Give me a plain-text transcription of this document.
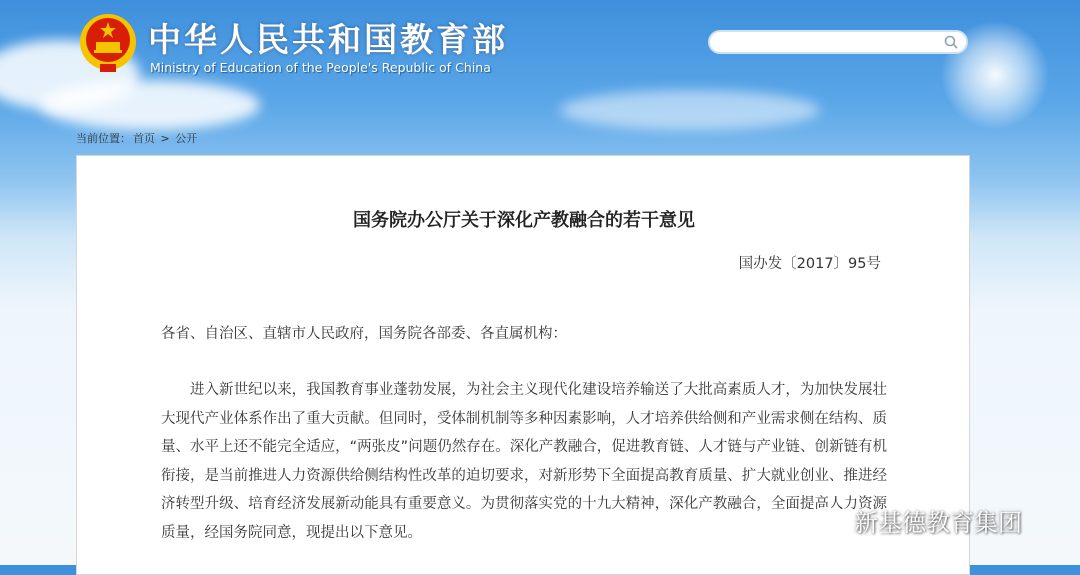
中华人民共和国教育部
Ministry of Education of the People's Republic of China
当前位置： 首页 > 公开
国务院办公厅关于深化产教融合的若干意见
国办发〔2017〕95号
各省、自治区、直辖市人民政府，国务院各部委、各直属机构：
进入新世纪以来，我国教育事业蓬勃发展，为社会主义现代化建设培养输送了大批高素质人才，为加快发展壮大现代产业体系作出了重大贡献。但同时，受体制机制等多种因素影响，人才培养供给侧和产业需求侧在结构、质量、水平上还不能完全适应，“两张皮”问题仍然存在。深化产教融合，促进教育链、人才链与产业链、创新链有机衔接，是当前推进人力资源供给侧结构性改革的迫切要求，对新形势下全面提高教育质量、扩大就业创业、推进经济转型升级、培育经济发展新动能具有重要意义。为贯彻落实党的十九大精神，深化产教融合，全面提高人力资源质量，经国务院同意，现提出以下意见。	新基德教育集团
